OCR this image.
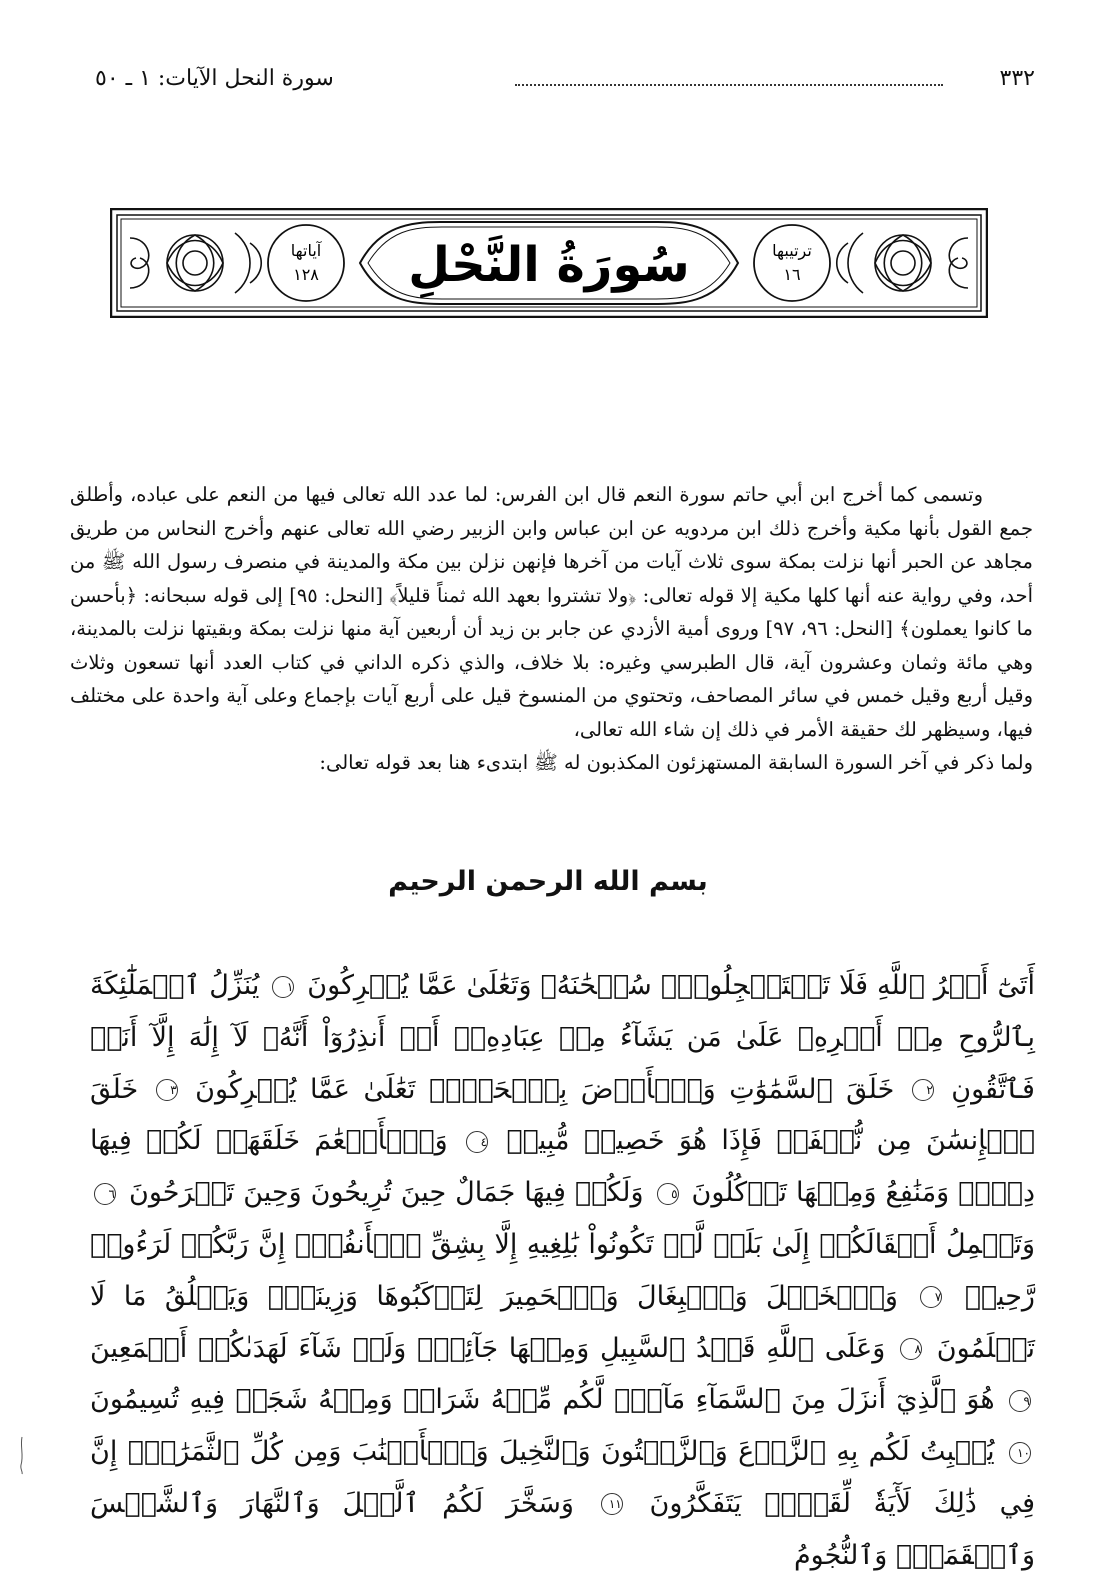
٣٣٢
سورة النحل الآيات: ١ ـ ٥٠
آياتها
١٢٨
ترتيبها
١٦
سُورَةُ النَّحْلِ

وتسمى كما أخرج ابن أبي حاتم سورة النعم قال ابن الفرس: لما عدد الله تعالى فيها من النعم على عباده، وأطلق جمع القول بأنها مكية وأخرج ذلك ابن مردويه عن ابن عباس وابن الزبير رضي الله تعالى عنهم وأخرج النحاس من طريق مجاهد عن الحبر أنها نزلت بمكة سوى ثلاث آيات من آخرها فإنهن نزلن بين مكة والمدينة في منصرف رسول الله ﷺ من أحد، وفي رواية عنه أنها كلها مكية إلا قوله تعالى: ﴿ولا تشتروا بعهد الله ثمناً قليلاً﴾ [النحل: ٩٥] إلى قوله سبحانه: ﴿بأحسن ما كانوا يعملون﴾ [النحل: ٩٦، ٩٧] وروى أمية الأزدي عن جابر بن زيد أن أربعين آية منها نزلت بمكة وبقيتها نزلت بالمدينة، وهي مائة وثمان وعشرون آية، قال الطبرسي وغيره: بلا خلاف، والذي ذكره الداني في كتاب العدد أنها تسعون وثلاث وقيل أربع وقيل خمس في سائر المصاحف، وتحتوي من المنسوخ قيل على أربع آيات بإجماع وعلى آية واحدة على مختلف فيها، وسيظهر لك حقيقة الأمر في ذلك إن شاء الله تعالى،

ولما ذكر في آخر السورة السابقة المستهزئون المكذبون له ﷺ ابتدىء هنا بعد قوله تعالى:

بسم الله الرحمن الرحيم

أَتَىٰٓ أَمۡرُ ٱللَّهِ فَلَا تَسۡتَعۡجِلُوهُۚ سُبۡحَٰنَهُۥ وَتَعَٰلَىٰ عَمَّا يُشۡرِكُونَ ١ يُنَزِّلُ ٱلۡمَلَٰٓئِكَةَ بِٱلرُّوحِ مِنۡ أَمۡرِهِۦ عَلَىٰ مَن يَشَآءُ مِنۡ عِبَادِهِۦٓ أَنۡ أَنذِرُوٓاْ أَنَّهُۥ لَآ إِلَٰهَ إِلَّآ أَنَا۠ فَٱتَّقُونِ ٢ خَلَقَ ٱلسَّمَٰوَٰتِ وَٱلۡأَرۡضَ بِٱلۡحَقِّۚ تَعَٰلَىٰ عَمَّا يُشۡرِكُونَ ٣ خَلَقَ ٱلۡإِنسَٰنَ مِن نُّطۡفَةٖ فَإِذَا هُوَ خَصِيمٞ مُّبِينٞ ٤ وَٱلۡأَنۡعَٰمَ خَلَقَهَاۗ لَكُمۡ فِيهَا دِفۡءٞ وَمَنَٰفِعُ وَمِنۡهَا تَأۡكُلُونَ ٥ وَلَكُمۡ فِيهَا جَمَالٌ حِينَ تُرِيحُونَ وَحِينَ تَسۡرَحُونَ ٦ وَتَحۡمِلُ أَثۡقَالَكُمۡ إِلَىٰ بَلَدٖ لَّمۡ تَكُونُواْ بَٰلِغِيهِ إِلَّا بِشِقِّ ٱلۡأَنفُسِۚ إِنَّ رَبَّكُمۡ لَرَءُوفٞ رَّحِيمٞ ٧ وَٱلۡخَيۡلَ وَٱلۡبِغَالَ وَٱلۡحَمِيرَ لِتَرۡكَبُوهَا وَزِينَةٗۚ وَيَخۡلُقُ مَا لَا تَعۡلَمُونَ ٨ وَعَلَى ٱللَّهِ قَصۡدُ ٱلسَّبِيلِ وَمِنۡهَا جَآئِرٞۚ وَلَوۡ شَآءَ لَهَدَىٰكُمۡ أَجۡمَعِينَ ٩ هُوَ ٱلَّذِيٓ أَنزَلَ مِنَ ٱلسَّمَآءِ مَآءٗۖ لَّكُم مِّنۡهُ شَرَابٞ وَمِنۡهُ شَجَرٞ فِيهِ تُسِيمُونَ ١٠ يُنۢبِتُ لَكُم بِهِ ٱلزَّرۡعَ وَٱلزَّيۡتُونَ وَٱلنَّخِيلَ وَٱلۡأَعۡنَٰبَ وَمِن كُلِّ ٱلثَّمَرَٰتِۚ إِنَّ فِي ذَٰلِكَ لَأٓيَةٗ لِّقَوۡمٖ يَتَفَكَّرُونَ ١١ وَسَخَّرَ لَكُمُ ٱلَّيۡلَ وَٱلنَّهَارَ وَٱلشَّمۡسَ وَٱلۡقَمَرَۖ وَٱلنُّجُومُ
